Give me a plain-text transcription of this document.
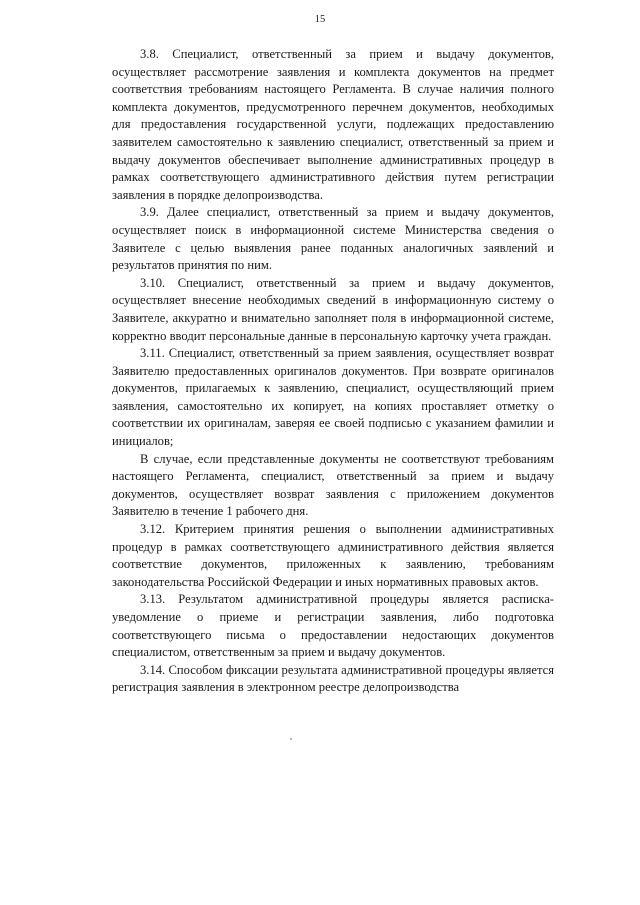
15

3.8. Специалист, ответственный за прием и выдачу документов, осуществляет рассмотрение заявления и комплекта документов на предмет соответствия требованиям настоящего Регламента. В случае наличия полного комплекта документов, предусмотренного перечнем документов, необходимых для предоставления государственной услуги, подлежащих предоставлению заявителем самостоятельно к заявлению специалист, ответственный за прием и выдачу документов обеспечивает выполнение административных процедур в рамках соответствующего административного действия путем регистрации заявления в порядке делопроизводства.

3.9. Далее специалист, ответственный за прием и выдачу документов, осуществляет поиск в информационной системе Министерства сведения о Заявителе с целью выявления ранее поданных аналогичных заявлений и результатов принятия по ним.

3.10. Специалист, ответственный за прием и выдачу документов, осуществляет внесение необходимых сведений в информационную систему о Заявителе, аккуратно и внимательно заполняет поля в информационной системе, корректно вводит персональные данные в персональную карточку учета граждан.

3.11. Специалист, ответственный за прием заявления, осуществляет возврат Заявителю предоставленных оригиналов документов. При возврате оригиналов документов, прилагаемых к заявлению, специалист, осуществляющий прием заявления, самостоятельно их копирует, на копиях проставляет отметку о соответствии их оригиналам, заверяя ее своей подписью с указанием фамилии и инициалов;

В случае, если представленные документы не соответствуют требованиям настоящего Регламента, специалист, ответственный за прием и выдачу документов, осуществляет возврат заявления с приложением документов Заявителю в течение 1 рабочего дня.

3.12. Критерием принятия решения о выполнении административных процедур в рамках соответствующего административного действия является соответствие документов, приложенных к заявлению, требованиям законодательства Российской Федерации и иных нормативных правовых актов.

3.13. Результатом административной процедуры является расписка-уведомление о приеме и регистрации заявления, либо подготовка соответствующего письма о предоставлении недостающих документов специалистом, ответственным за прием и выдачу документов.

3.14. Способом фиксации результата административной процедуры является регистрация заявления в электронном реестре делопроизводства
